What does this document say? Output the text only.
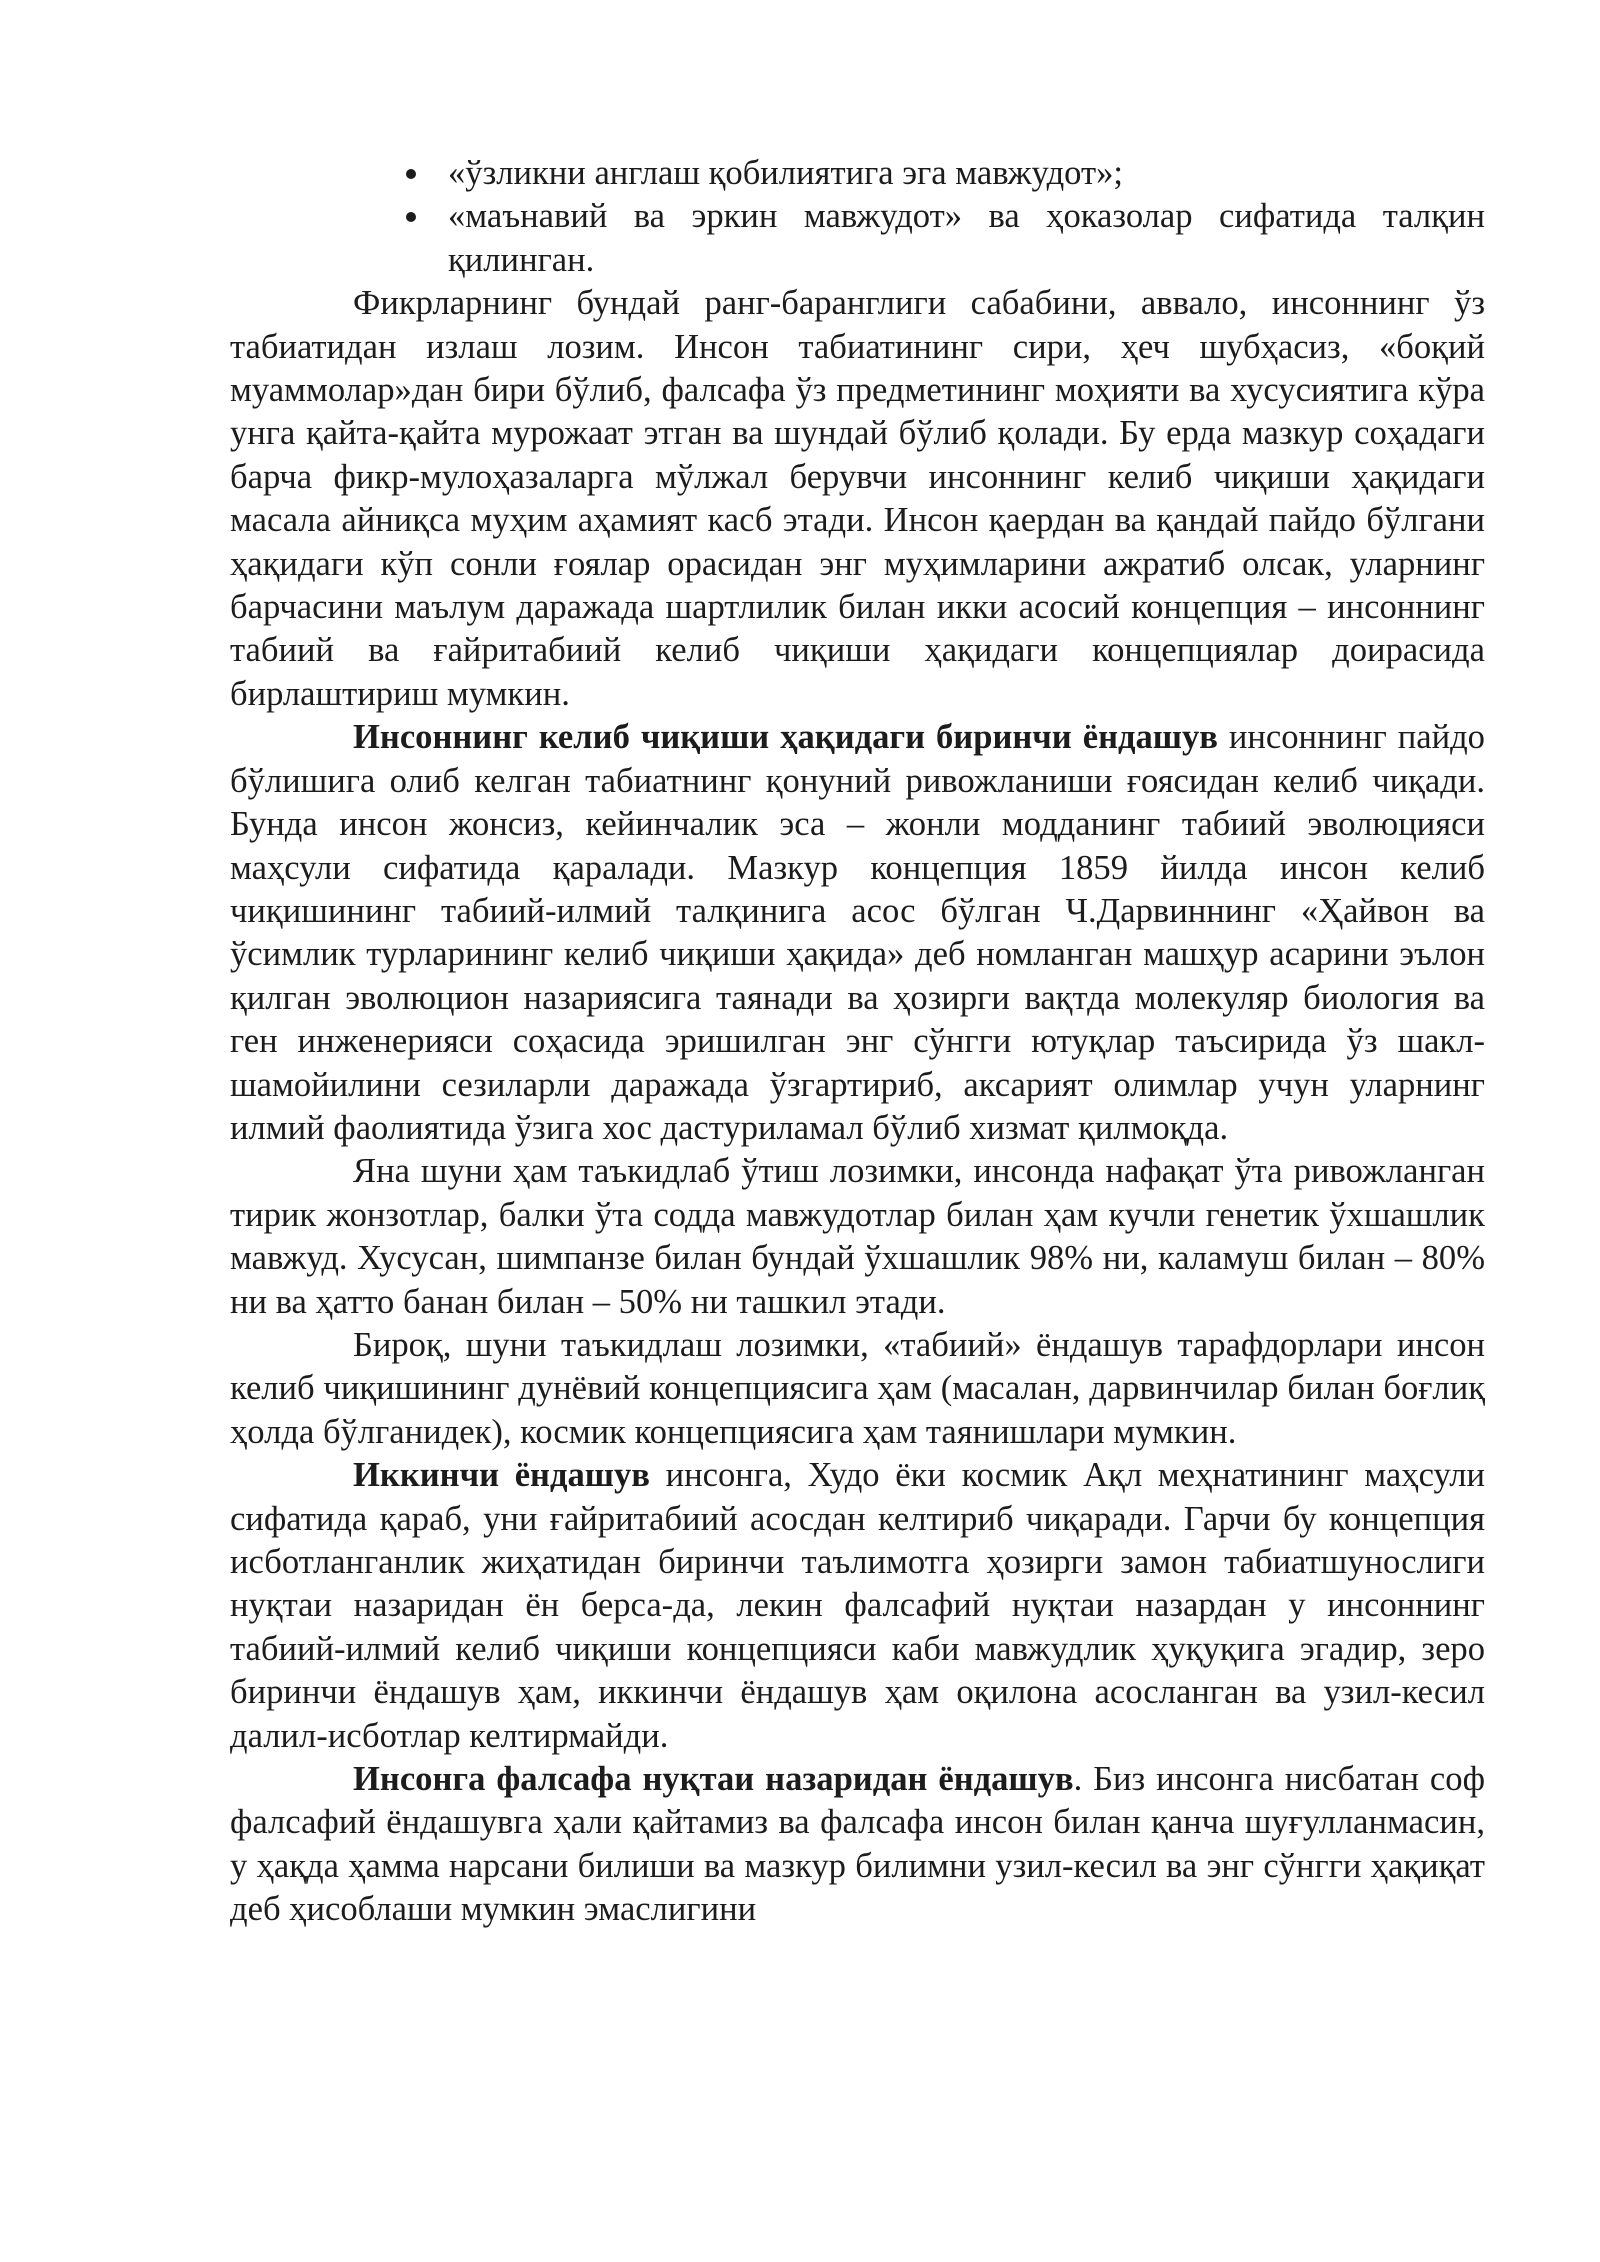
«ўзликни англаш қобилиятига эга мавжудот»;
«маънавий ва эркин мавжудот» ва ҳоказолар сифатида талқин қилинган.

Фикрларнинг бундай ранг-баранглиги сабабини, аввало, инсоннинг ўз табиатидан излаш лозим. Инсон табиатининг сири, ҳеч шубҳасиз, «боқий муаммолар»дан бири бўлиб, фалсафа ўз предметининг моҳияти ва хусусиятига кўра унга қайта-қайта мурожаат этган ва шундай бўлиб қолади. Бу ерда мазкур соҳадаги барча фикр-мулоҳазаларга мўлжал берувчи инсоннинг келиб чиқиши ҳақидаги масала айниқса муҳим аҳамият касб этади. Инсон қаердан ва қандай пайдо бўлгани ҳақидаги кўп сонли ғоялар орасидан энг муҳимларини ажратиб олсак, уларнинг барчасини маълум даражада шартлилик билан икки асосий концепция – инсоннинг табиий ва ғайритабиий келиб чиқиши ҳақидаги концепциялар доирасида бирлаштириш мумкин.

Инсоннинг келиб чиқиши ҳақидаги биринчи ёндашув инсоннинг пайдо бўлишига олиб келган табиатнинг қонуний ривожланиши ғоясидан келиб чиқади. Бунда инсон жонсиз, кейинчалик эса – жонли модданинг табиий эволюцияси маҳсули сифатида қаралади. Мазкур концепция 1859 йилда инсон келиб чиқишининг табиий-илмий талқинига асос бўлган Ч.Дарвиннинг «Ҳайвон ва ўсимлик турларининг келиб чиқиши ҳақида» деб номланган машҳур асарини эълон қилган эволюцион назариясига таянади ва ҳозирги вақтда молекуляр биология ва ген инженерияси соҳасида эришилган энг сўнгги ютуқлар таъсирида ўз шакл-шамойилини сезиларли даражада ўзгартириб, аксарият олимлар учун уларнинг илмий фаолиятида ўзига хос дастуриламал бўлиб хизмат қилмоқда.

Яна шуни ҳам таъкидлаб ўтиш лозимки, инсонда нафақат ўта ривожланган тирик жонзотлар, балки ўта содда мавжудотлар билан ҳам кучли генетик ўхшашлик мавжуд. Хусусан, шимпанзе билан бундай ўхшашлик 98% ни, каламуш билан – 80% ни ва ҳатто банан билан – 50% ни ташкил этади.

Бироқ, шуни таъкидлаш лозимки, «табиий» ёндашув тарафдорлари инсон келиб чиқишининг дунёвий концепциясига ҳам (масалан, дарвинчилар билан боғлиқ ҳолда бўлганидек), космик концепциясига ҳам таянишлари мумкин.

Иккинчи ёндашув инсонга, Худо ёки космик Ақл меҳнатининг маҳсули сифатида қараб, уни ғайритабиий асосдан келтириб чиқаради. Гарчи бу концепция исботланганлик жиҳатидан биринчи таълимотга ҳозирги замон табиатшунослиги нуқтаи назаридан ён берса-да, лекин фалсафий нуқтаи назардан у инсоннинг табиий-илмий келиб чиқиши концепцияси каби мавжудлик ҳуқуқига эгадир, зеро биринчи ёндашув ҳам, иккинчи ёндашув ҳам оқилона асосланган ва узил-кесил далил-исботлар келтирмайди.

Инсонга фалсафа нуқтаи назаридан ёндашув. Биз инсонга нисбатан соф фалсафий ёндашувга ҳали қайтамиз ва фалсафа инсон билан қанча шуғулланмасин, у ҳақда ҳамма нарсани билиши ва мазкур билимни узил-кесил ва энг сўнгги ҳақиқат деб ҳисоблаши мумкин эмаслигини
